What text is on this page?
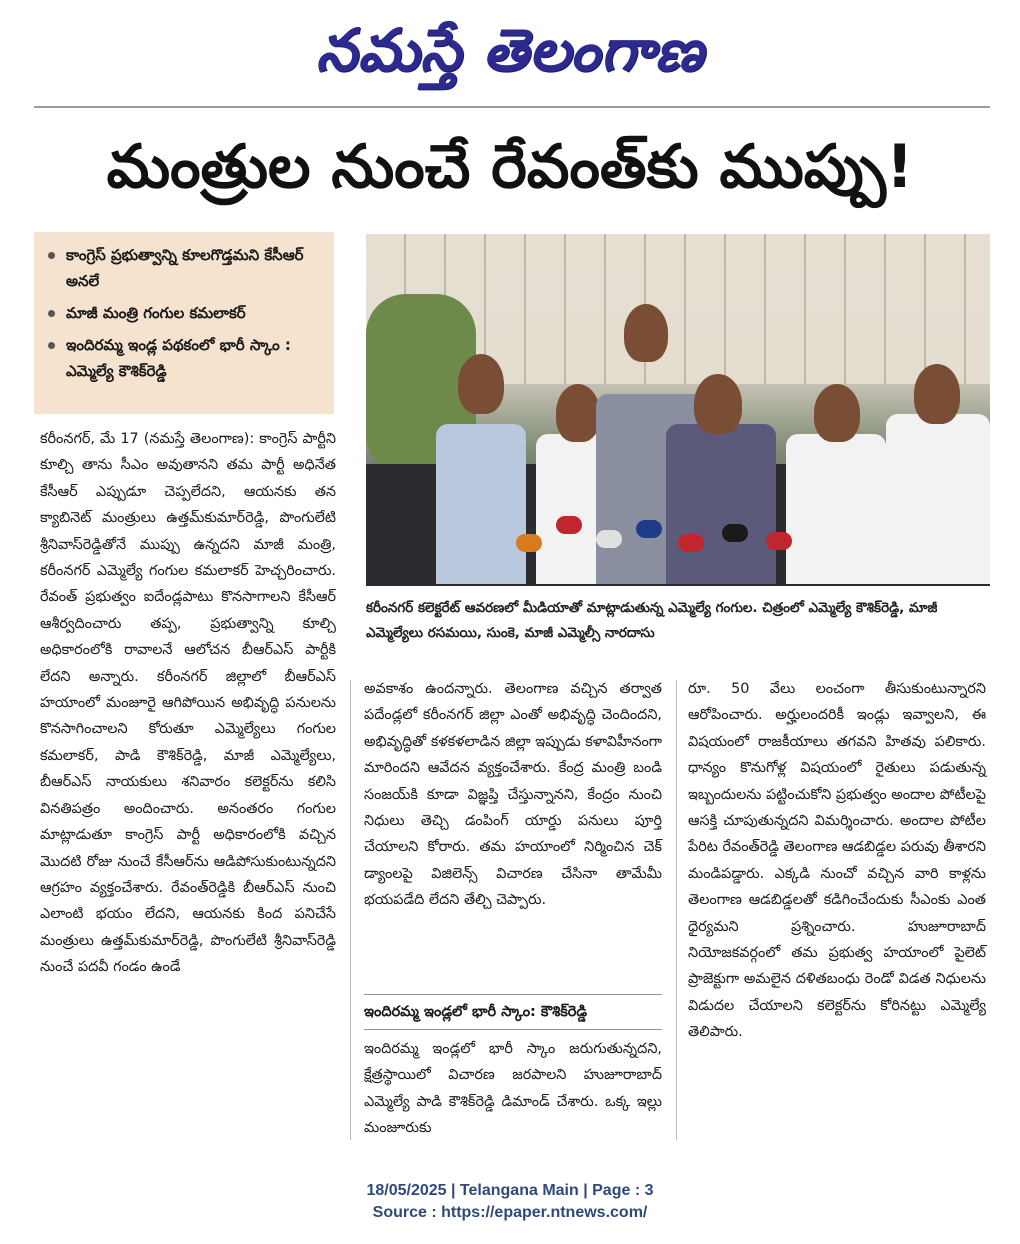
నమస్తే తెలంగాణ
మంత్రుల నుంచే రేవంత్‌కు ముప్పు!
కాంగ్రెస్‌ ప్రభుత్వాన్ని కూలగొడ్తమని కేసీఆర్‌ అనలే
మాజీ మంత్రి గంగుల కమలాకర్‌
ఇందిరమ్మ ఇండ్ల పథకంలో భారీ స్కాం : ఎమ్మెల్యే కౌశిక్‌రెడ్డి
కరీంనగర్‌ కలెక్టరేట్‌ ఆవరణలో మీడియాతో మాట్లాడుతున్న ఎమ్మెల్యే గంగుల. చిత్రంలో ఎమ్మెల్యే కౌశిక్‌రెడ్డి, మాజీ ఎమ్మెల్యేలు రసమయి, సుంకె, మాజీ ఎమ్మెల్సీ నారదాసు

కరీంనగర్‌, మే 17 (నమస్తే తెలంగాణ): కాంగ్రెస్‌ పార్టీని కూల్చి తాను సీఎం అవుతానని తమ పార్టీ అధినేత కేసీఆర్‌ ఎప్పుడూ చెప్పలేదని, ఆయనకు తన క్యాబినెట్‌ మంత్రులు ఉత్తమ్‌కుమార్‌రెడ్డి, పొంగులేటి శ్రీనివాస్‌రెడ్డితోనే ముప్పు ఉన్నదని మాజీ మంత్రి, కరీంనగర్‌ ఎమ్మెల్యే గంగుల కమలాకర్‌ హెచ్చరించారు. రేవంత్‌ ప్రభుత్వం ఐదేండ్లపాటు కొనసాగాలని కేసీఆర్‌ ఆశీర్వదించారు తప్ప, ప్రభుత్వాన్ని కూల్చి అధికారంలోకి రావాలనే ఆలోచన బీఆర్‌ఎస్‌ పార్టీకి లేదని అన్నారు. కరీంనగర్‌ జిల్లాలో బీఆర్‌ఎస్‌ హయాంలో మంజూరై ఆగిపోయిన అభివృద్ధి పనులను కొనసాగించాలని కోరుతూ ఎమ్మెల్యేలు గంగుల కమలాకర్‌, పాడి కౌశిక్‌రెడ్డి, మాజీ ఎమ్మెల్యేలు, బీఆర్‌ఎస్‌ నాయకులు శనివారం కలెక్టర్‌ను కలిసి వినతిపత్రం అందించారు. అనంతరం గంగుల మాట్లాడుతూ కాంగ్రెస్‌ పార్టీ అధికారంలోకి వచ్చిన మొదటి రోజు నుంచే కేసీఆర్‌ను ఆడిపోసుకుంటున్నదని ఆగ్రహం వ్యక్తంచేశారు. రేవంత్‌రెడ్డికి బీఆర్‌ఎస్‌ నుంచి ఎలాంటి భయం లేదని, ఆయనకు కింద పనిచేసే మంత్రులు ఉత్తమ్‌కుమార్‌రెడ్డి, పొంగులేటి శ్రీనివాస్‌రెడ్డి నుంచే పదవీ గండం ఉండే

అవకాశం ఉందన్నారు. తెలంగాణ వచ్చిన తర్వాత పదేండ్లలో కరీంనగర్‌ జిల్లా ఎంతో అభివృద్ధి చెందిందని, అభివృద్ధితో కళకళలాడిన జిల్లా ఇప్పుడు కళావిహీనంగా మారిందని ఆవేదన వ్యక్తంచేశారు. కేంద్ర మంత్రి బండి సంజయ్‌కి కూడా విజ్ఞప్తి చేస్తున్నానని, కేంద్రం నుంచి నిధులు తెచ్చి డంపింగ్‌ యార్డు పనులు పూర్తి చేయాలని కోరారు. తమ హయాంలో నిర్మించిన చెక్‌ డ్యాంలపై విజిలెన్స్‌ విచారణ చేసినా తామేమీ భయపడేది లేదని తేల్చి చెప్పారు.

ఇందిరమ్మ ఇండ్లలో భారీ స్కాం: కౌశిక్‌రెడ్డి

ఇందిరమ్మ ఇండ్లలో భారీ స్కాం జరుగుతున్నదని, క్షేత్రస్థాయిలో విచారణ జరపాలని హుజూరాబాద్‌ ఎమ్మెల్యే పాడి కౌశిక్‌రెడ్డి డిమాండ్‌ చేశారు. ఒక్క ఇల్లు మంజూరుకు

రూ. 50 వేలు లంచంగా తీసుకుంటున్నారని ఆరోపించారు. అర్హులందరికీ ఇండ్లు ఇవ్వాలని, ఈ విషయంలో రాజకీయాలు తగవని హితవు పలికారు. ధాన్యం కొనుగోళ్ల విషయంలో రైతులు పడుతున్న ఇబ్బందులను పట్టించుకోని ప్రభుత్వం అందాల పోటీలపై ఆసక్తి చూపుతున్నదని విమర్శించారు. అందాల పోటీల పేరిట రేవంత్‌రెడ్డి తెలంగాణ ఆడబిడ్డల పరువు తీశారని మండిపడ్డారు. ఎక్కడి నుంచో వచ్చిన వారి కాళ్లను తెలంగాణ ఆడబిడ్డలతో కడిగించేందుకు సీఎంకు ఎంత ధైర్యమని ప్రశ్నించారు. హుజూరాబాద్‌ నియోజకవర్గంలో తమ ప్రభుత్వ హయాంలో పైలెట్‌ ప్రాజెక్టుగా అమలైన దళితబంధు రెండో విడత నిధులను విడుదల చేయాలని కలెక్టర్‌ను కోరినట్టు ఎమ్మెల్యే తెలిపారు.

18/05/2025 | Telangana Main | Page : 3
Source : https://epaper.ntnews.com/
